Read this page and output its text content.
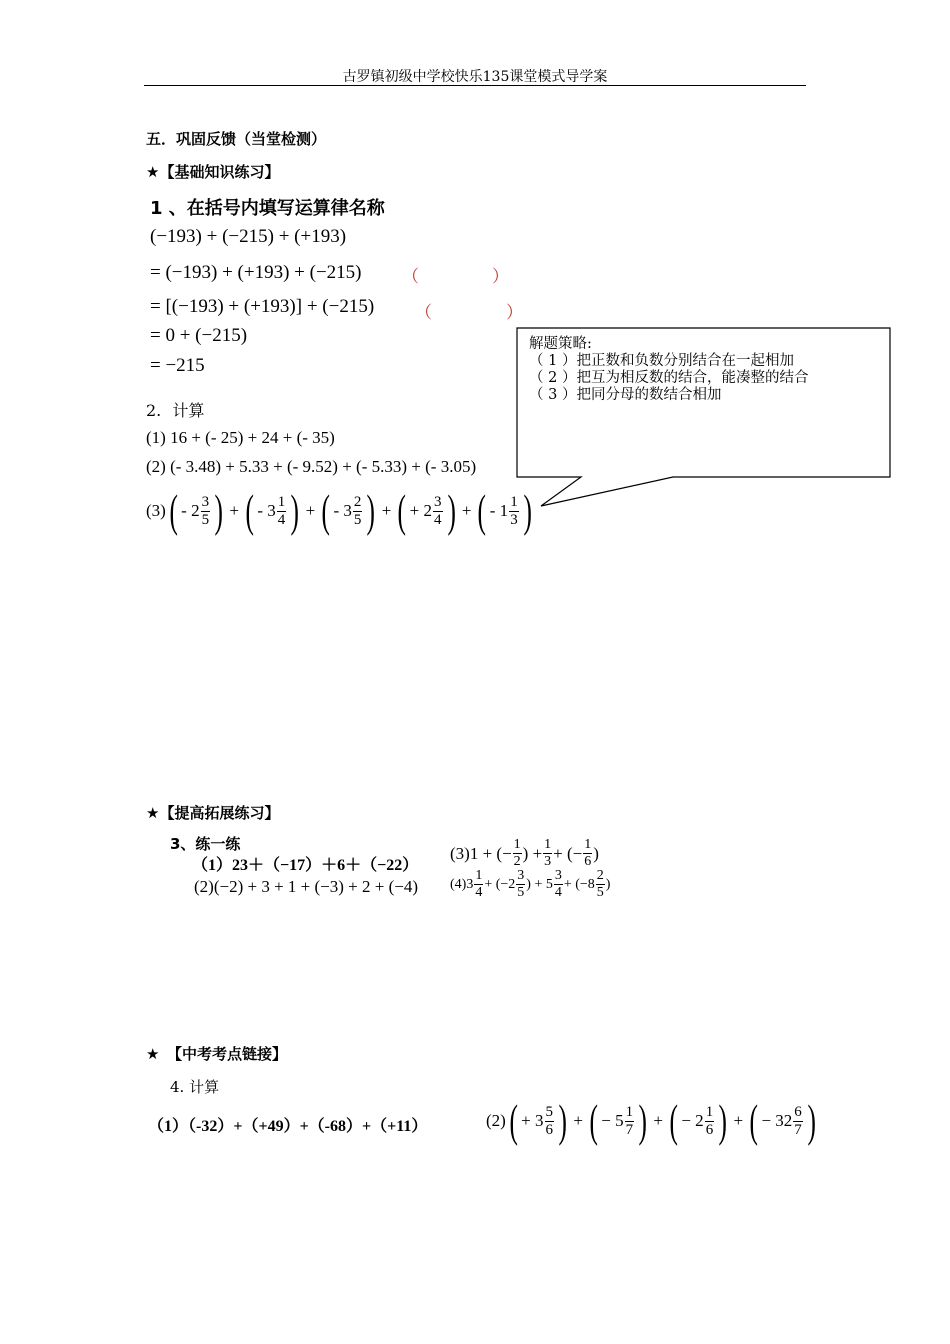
古罗镇初级中学校快乐135课堂模式导学案
五．巩固反馈（当堂检测）
★【基础知识练习】
1 、在括号内填写运算律名称
(−193) + (−215) + (+193)
= (−193) + (+193) + (−215) （	）
= [(−193) + (+193)] + (−215) （	）
= 0 + (−215)
= −215
2. 计算
(1) 16 + (- 25) + 24 + (- 35)
(2) (- 3.48) + 5.33 + (- 9.52) + (- 5.33) + (- 3.05)
(3) ( - $2 \frac{3}{5}$ ) + ( - $3 \frac{1}{4}$ ) + ( - $3 \frac{2}{5}$ ) + ( + $2 \frac{3}{4}$ ) + ( - $1 \frac{1}{3}$ )
解题策略:
（ 1 ）把正数和负数分别结合在一起相加
（ 2 ）把互为相反数的结合，能凑整的结合
（ 3 ）把同分母的数结合相加
★【提高拓展练习】
3、练一练
（1）23＋（−17）＋6＋（−22）
(2)(−2) + 3 + 1 + (−3) + 2 + (−4)
(3) 1 + (− $\frac{1}{2}$ ) + $\frac{1}{3}$ + (− $\frac{1}{6}$ )
(4) $3 \frac{1}{4} + (-2 \frac{3}{5}$ ) + $5 \frac{3}{4} + (-8 \frac{2}{5}$ )
★　【中考考点链接】
4. 计算
（1）（-32）+（+49）+（-68）+（+11）	(2) ( + $3 \frac{5}{6}$ ) + ( − $5 \frac{1}{7}$ ) + ( − $2 \frac{1}{6}$ ) + ( − $32 \frac{6}{7}$ )
